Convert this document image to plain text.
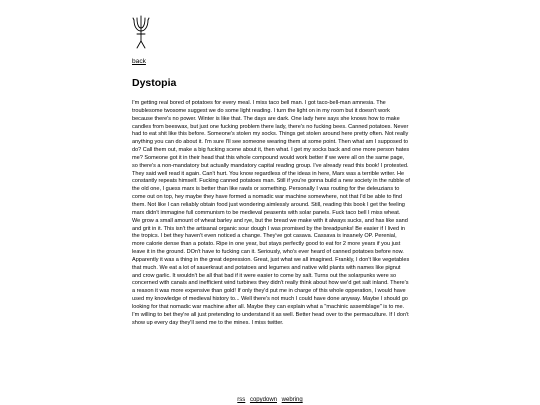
back
Dystopia

I'm getting real bored of potatoes for every meal. I miss taco bell man. I got taco-bell-man amnesia. The troublesome twosome suggest we do some light reading. I turn the light on in my room but it doesn't work because there's no power. Winter is like that. The days are dark. One lady here says she knows how to make candles from beeswax, but just one fucking problem there lady, there's no fucking bees. Canned potatoes. Never had to eat shit like this before. Someone's stolen my socks. Things get stolen around here pretty often. Not really anything you can do about it. I'm sure I'll see someone wearing them at some point. Then what am I supposed to do? Call them out, make a big fucking scene about it, then what. I get my socks back and one more person hates me? Someone got it in their head that this whole compound would work better if we were all on the same page, so there's a non-mandatory but actually mandatory capital reading group. I've already read this book! I protested. They said well read it again. Can't hurt. You know regardless of the ideas in here, Marx was a terrible writer. He constantly repeats himself. Fucking canned potatoes man. Still if you're gonna build a new society in the rubble of the old one, I guess marx is better than like rawls or something. Personally I was routing for the deleuzians to come out on top, hey maybe they have formed a nomadic war machine somewhere, not that I'd be able to find them. Not like I can reliably obtain food just wondering aimlessly around. Still, reading this book I get the feeling marx didn't immagine full communism to be medieval peasents with solar panels. Fuck taco bell I miss wheat. We grow a small amount of wheat barley and rye, but the bread we make with it always sucks, and has like sand and grit in it. This isn't the artisanal organic sour dough I was promised by the breadpunks! Be easier if I lived in the tropics. I bet they haven't even noticed a change. They've got casava. Cassava is insanely OP. Perenial, more calorie dense than a potato. Ripe in one year, but stays perfectly good to eat for 2 more years if you just leave it in the ground. DOn't have to fucking can it. Seriously, who's ever heard of canned potatoes before now. Apparently it was a thing in the great depression. Great, just what we all imagined. Frankly, I don't like vegetables that much. We eat a lot of sauerkraut and potatoes and legumes and native wild plants with names like pignut and crow garlic. It wouldn't be all that bad if it were easier to come by salt. Turns out the solarpunks were so concerned with canals and inefficient wind turbines they didn't really think about how we'd get salt inland. There's a reason it was more expensive than gold! If only they'd put me in charge of this whole opperation, I would have used my knowledge of medieval history to... Well there's not much I could have done anyway. Maybe I should go looking for that nomadic war machine after all. Maybe they can explain what a "machinic assemblage" is to me. I'm willing to bet they're all just pretending to understand it as well. Better head over to the permaculture. If I don't show up every day they'll send me to the mines. I miss twitter.

rss copydown webring
